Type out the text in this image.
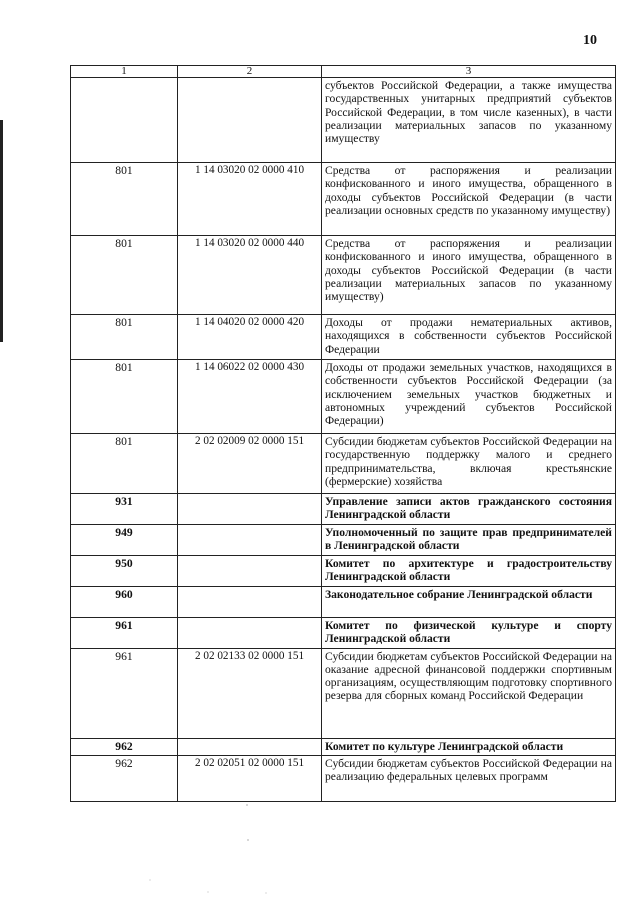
10
1	2	3
		субъектов Российской Федерации, а также имущества государственных унитарных предприятий субъектов Российской Федерации, в том числе казенных), в части реализации материальных запасов по указанному имуществу
801	1 14 03020 02 0000 410	Средства от распоряжения и реализации конфискованного и иного имущества, обращенного в доходы субъектов Российской Федерации (в части реализации основных средств по указанному имуществу)
801	1 14 03020 02 0000 440	Средства от распоряжения и реализации конфискованного и иного имущества, обращенного в доходы субъектов Российской Федерации (в части реализации материальных запасов по указанному имуществу)
801	1 14 04020 02 0000 420	Доходы от продажи нематериальных активов, находящихся в собственности субъектов Российской Федерации
801	1 14 06022 02 0000 430	Доходы от продажи земельных участков, находящихся в собственности субъектов Российской Федерации (за исключением земельных участков бюджетных и автономных учреждений субъектов Российской Федерации)
801	2 02 02009 02 0000 151	Субсидии бюджетам субъектов Российской Федерации на государственную поддержку малого и среднего предпринимательства, включая крестьянские (фермерские) хозяйства
931		Управление записи актов гражданского состояния Ленинградской области
949		Уполномоченный по защите прав предпринимателей в Ленинградской области
950		Комитет по архитектуре и градостроительству Ленинградской области
960		Законодательное собрание Ленинградской области
961		Комитет по физической культуре и спорту Ленинградской области
961	2 02 02133 02 0000 151	Субсидии бюджетам субъектов Российской Федерации на оказание адресной финансовой поддержки спортивным организациям, осуществляющим подготовку спортивного резерва для сборных команд Российской Федерации
962		Комитет по культуре Ленинградской области
962	2 02 02051 02 0000 151	Субсидии бюджетам субъектов Российской Федерации на реализацию федеральных целевых программ
